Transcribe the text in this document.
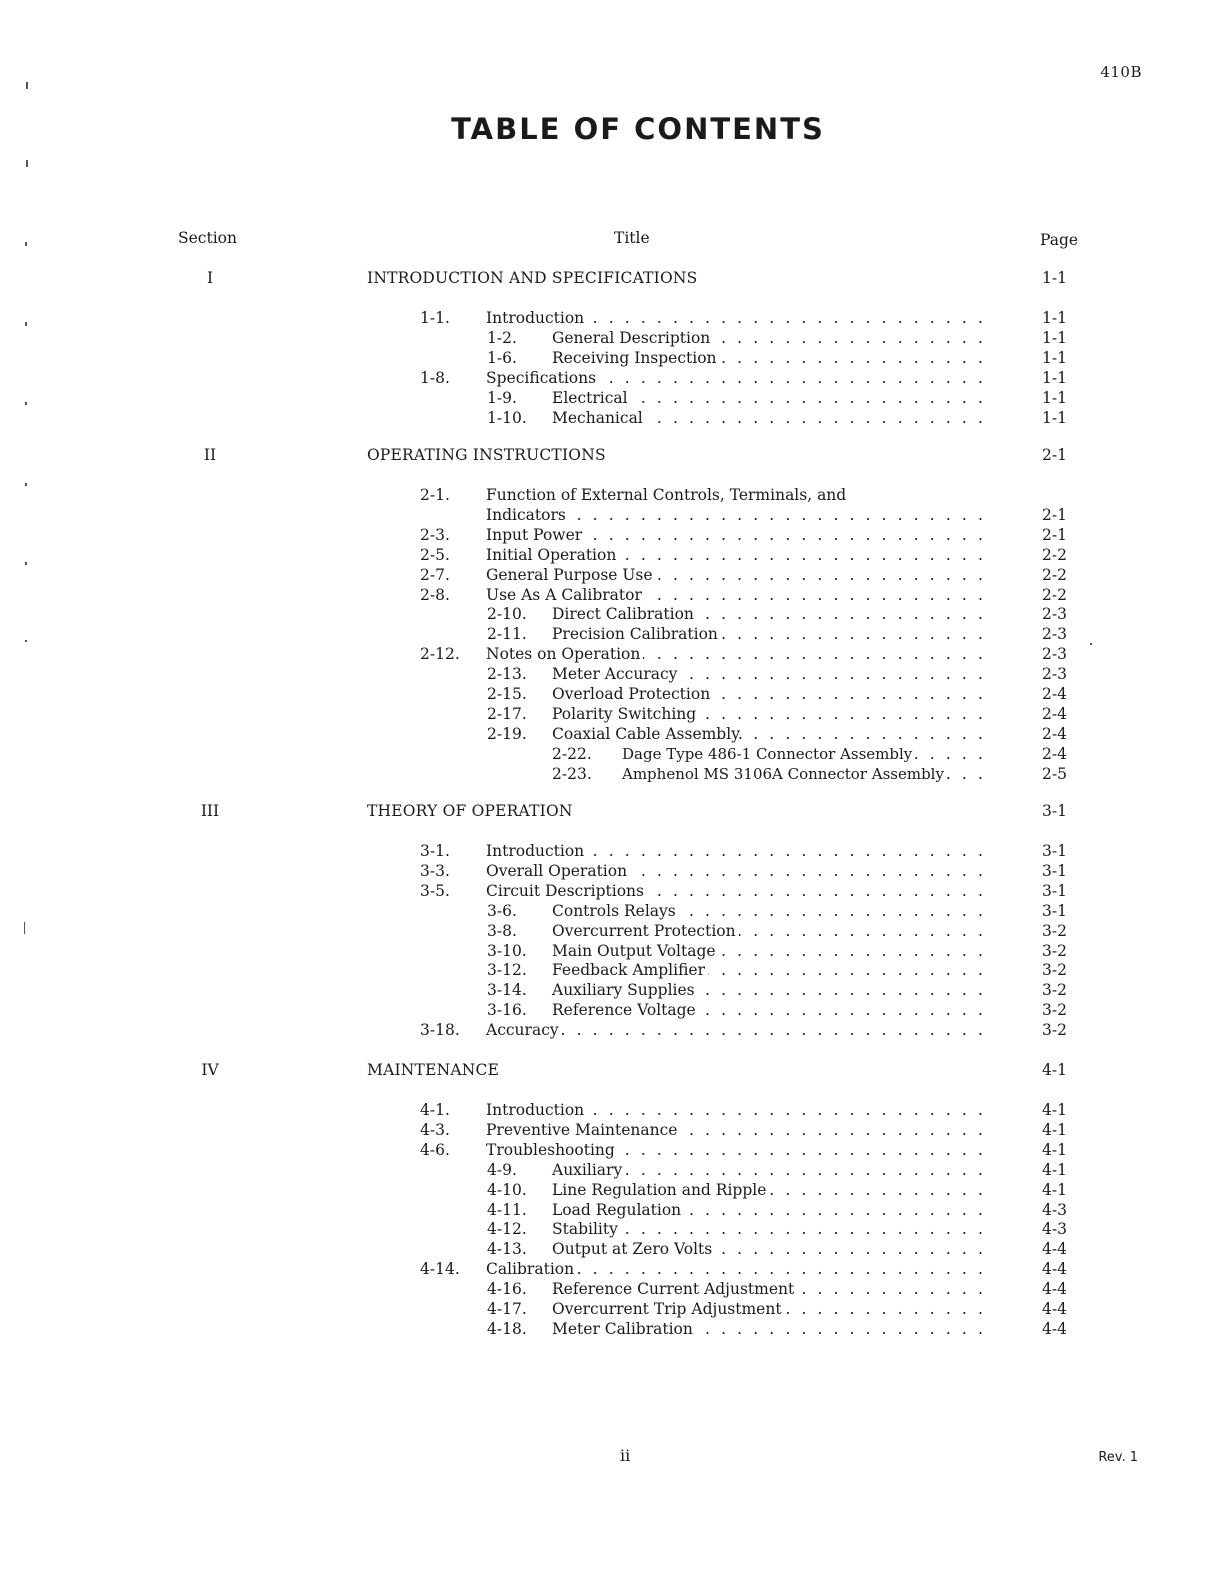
410B
TABLE OF CONTENTS
Section	Title	Page
I	INTRODUCTION AND SPECIFICATIONS	1-1
. . .
1-1. Introduction	1-1
. . .
1-2. General Description	1-1
. . .
1-6. Receiving Inspection	1-1
. . .
1-8. Specifications	1-1
. . .
1-9. Electrical	1-1
. . .
1-10. Mechanical	1-1
II	OPERATING INSTRUCTIONS	2-1
2-1. Function of External Controls, Terminals, and
. . .
Indicators	2-1
. . .
2-3. Input Power	2-1
. . .
2-5. Initial Operation	2-2
. . .
2-7. General Purpose Use	2-2
. . .
2-8. Use As A Calibrator	2-2
. . .
2-10. Direct Calibration	2-3
. . .
2-11. Precision Calibration	2-3
. . .
2-12. Notes on Operation	2-3
. . .
2-13. Meter Accuracy	2-3
. . .
2-15. Overload Protection	2-4
. . .
2-17. Polarity Switching	2-4
. . .
2-19. Coaxial Cable Assembly.	2-4
. . .
2-22. Dage Type 486-1 Connector Assembly	2-4
. . .
2-23. Amphenol MS 3106A Connector Assembly	2-5
III	THEORY OF OPERATION	3-1
. . .
3-1. Introduction	3-1
. . .
3-3. Overall Operation	3-1
. . .
3-5. Circuit Descriptions	3-1
. . .
3-6. Controls Relays	3-1
. . .
3-8. Overcurrent Protection	3-2
. . .
3-10. Main Output Voltage	3-2
. . .
3-12. Feedback Amplifier	3-2
. . .
3-14. Auxiliary Supplies	3-2
. . .
3-16. Reference Voltage	3-2
. . .
3-18. Accuracy	3-2
IV	MAINTENANCE	4-1
. . .
4-1. Introduction	4-1
. . .
4-3. Preventive Maintenance	4-1
. . .
4-6. Troubleshooting	4-1
. . .
4-9. Auxiliary	4-1
. . .
4-10. Line Regulation and Ripple	4-1
. . .
4-11. Load Regulation	4-3
. . .
4-12. Stability	4-3
. . .
4-13. Output at Zero Volts	4-4
. . .
4-14. Calibration	4-4
. . .
4-16. Reference Current Adjustment	4-4
. . .
4-17. Overcurrent Trip Adjustment	4-4
. . .
4-18. Meter Calibration	4-4
ii	Rev. 1
